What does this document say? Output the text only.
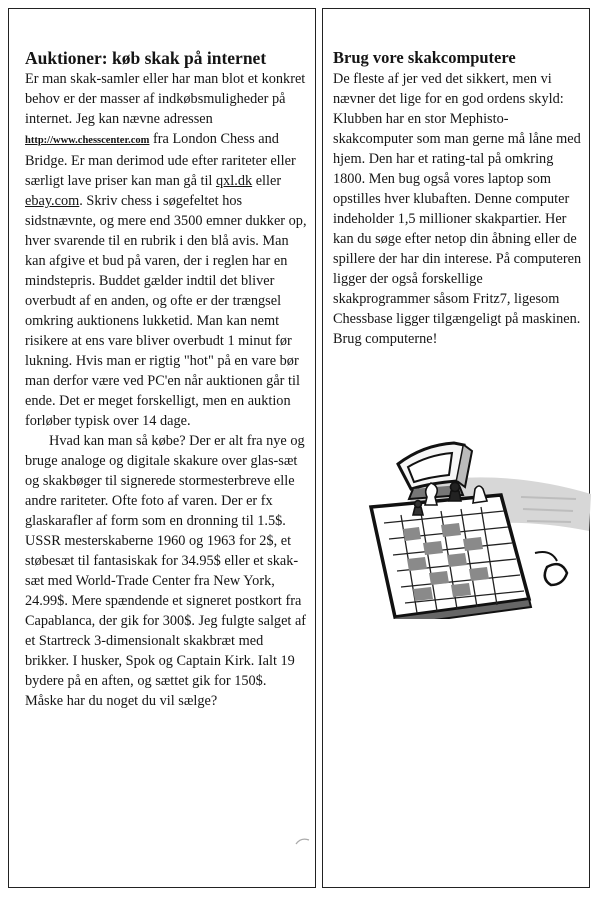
Auktioner: køb skak på internet

Er man skak-samler eller har man blot et konkret behov er der masser af indkøbsmuligheder på internet. Jeg kan nævne adressen http://www.chesscenter.com fra London Chess and Bridge. Er man derimod ude efter rariteter eller særligt lave priser kan man gå til qxl.dk eller ebay.com. Skriv chess i søgefeltet hos sidstnævnte, og mere end 3500 emner dukker op, hver svarende til en rubrik i den blå avis. Man kan afgive et bud på varen, der i reglen har en mindstepris. Buddet gælder indtil det bliver overbudt af en anden, og ofte er der trængsel omkring auktionens lukketid. Man kan nemt risikere at ens vare bliver overbudt 1 minut før lukning. Hvis man er rigtig "hot" på en vare bør man derfor være ved PC'en når auktionen går til ende. Det er meget forskelligt, men en auktion forløber typisk over 14 dage.

Hvad kan man så købe? Der er alt fra nye og bruge analoge og digitale skakure over glas-sæt og skakbøger til signerede stormesterbreve elle andre rariteter. Ofte foto af varen. Der er fx glaskarafler af form som en dronning til 1.5$. USSR mesterskaberne 1960 og 1963 for 2$, et støbesæt til fantasiskak for 34.95$ eller et skak-sæt med World-Trade Center fra New York, 24.99$. Mere spændende et signeret postkort fra Capablanca, der gik for 300$. Jeg fulgte salget af et Startreck 3-dimensionalt skakbræt med brikker. I husker, Spok og Captain Kirk. Ialt 19 bydere på en aften, og sættet gik for 150$. Måske har du noget du vil sælge?

Brug vore skakcomputere

De fleste af jer ved det sikkert, men vi nævner det lige for en god ordens skyld: Klubben har en stor Mephisto-skakcomputer som man gerne må låne med hjem. Den har et rating-tal på omkring 1800. Men bug også vores laptop som opstilles hver klubaften. Denne computer indeholder 1,5 millioner skakpartier. Her kan du søge efter netop din åbning eller de spillere der har din interese. På computeren ligger der også forskellige skakprogrammer såsom Fritz7, ligesom Chessbase ligger tilgængeligt på maskinen. Brug computerne!
